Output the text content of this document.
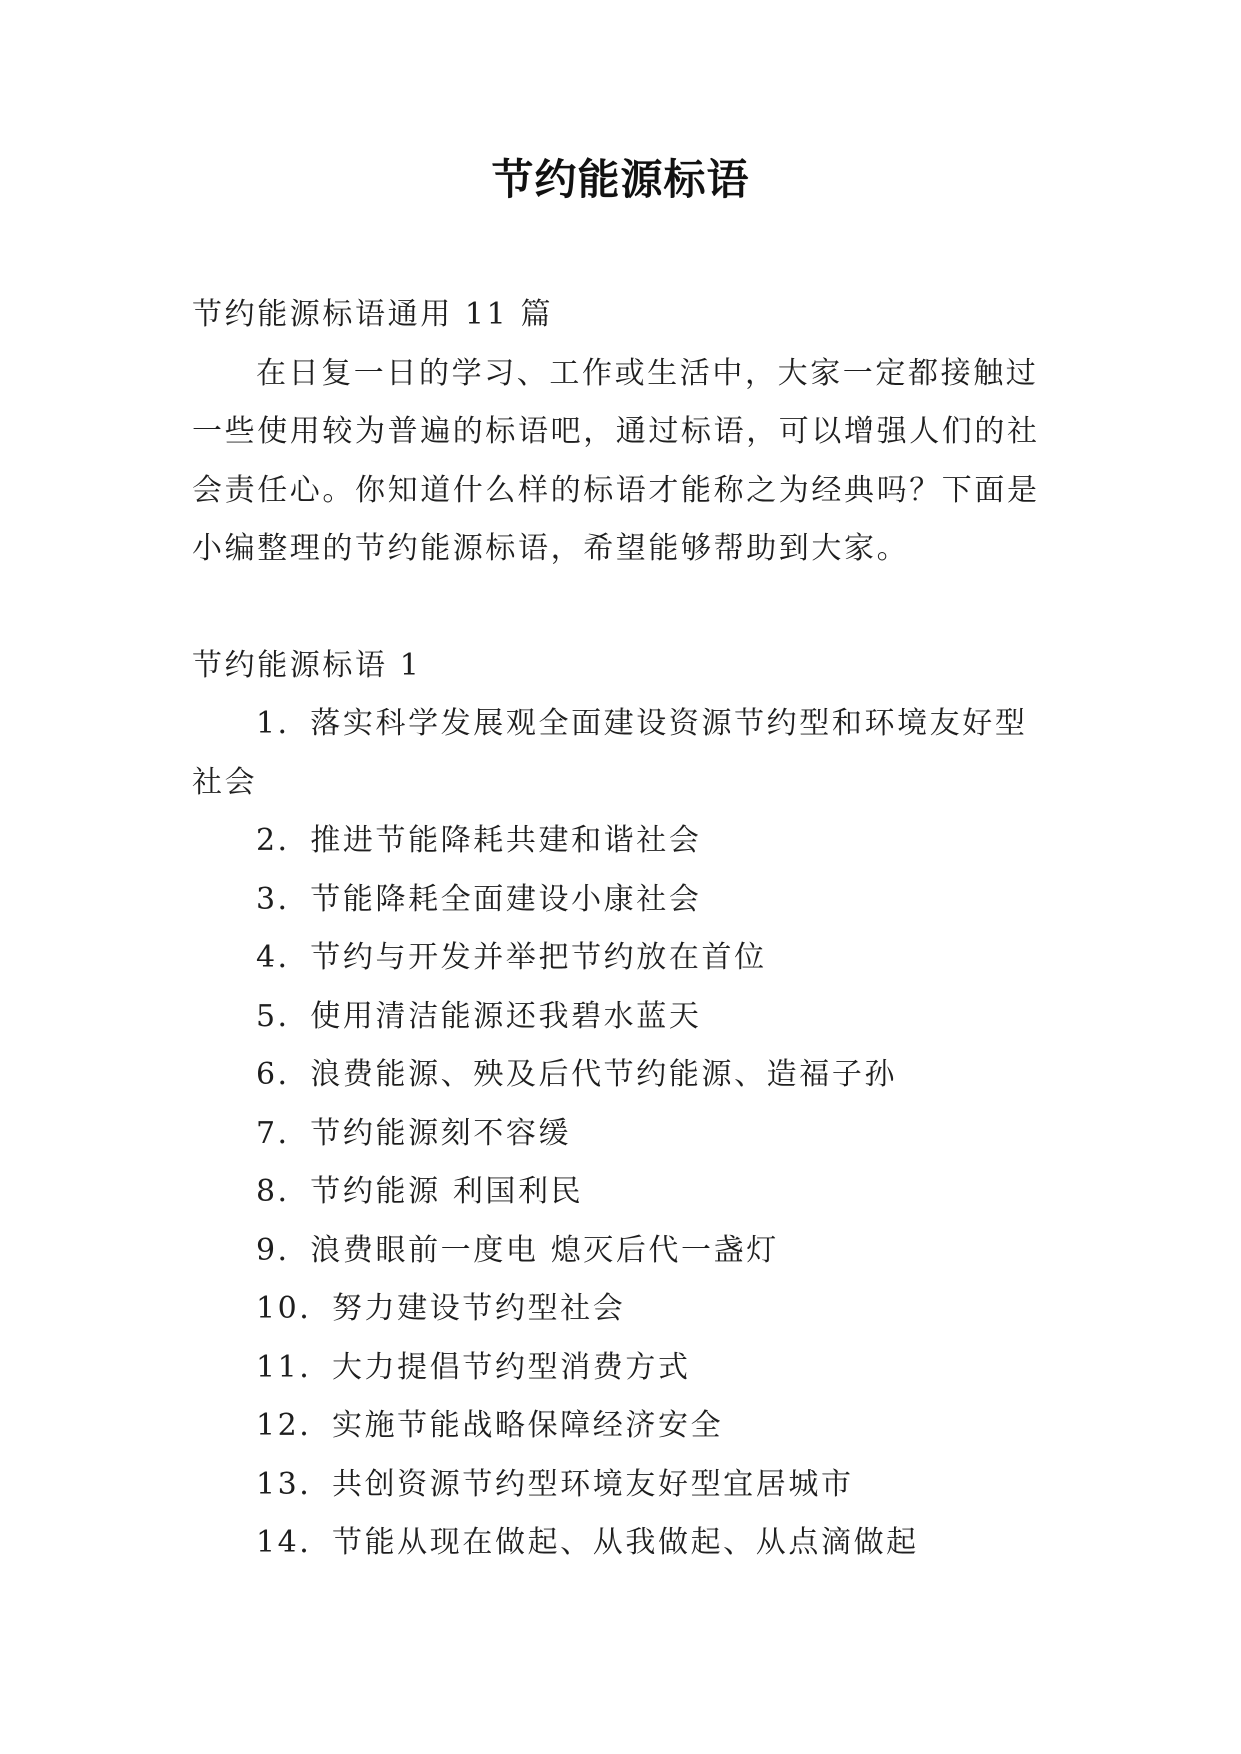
节约能源标语

节约能源标语通用 11 篇

在日复一日的学习、工作或生活中，大家一定都接触过一些使用较为普遍的标语吧，通过标语，可以增强人们的社会责任心。你知道什么样的标语才能称之为经典吗？下面是小编整理的节约能源标语，希望能够帮助到大家。

节约能源标语 1

1．落实科学发展观全面建设资源节约型和环境友好型社会

2．推进节能降耗共建和谐社会

3．节能降耗全面建设小康社会

4．节约与开发并举把节约放在首位

5．使用清洁能源还我碧水蓝天

6．浪费能源、殃及后代节约能源、造福子孙

7．节约能源刻不容缓

8．节约能源 利国利民

9．浪费眼前一度电 熄灭后代一盏灯

10．努力建设节约型社会

11．大力提倡节约型消费方式

12．实施节能战略保障经济安全

13．共创资源节约型环境友好型宜居城市

14．节能从现在做起、从我做起、从点滴做起
